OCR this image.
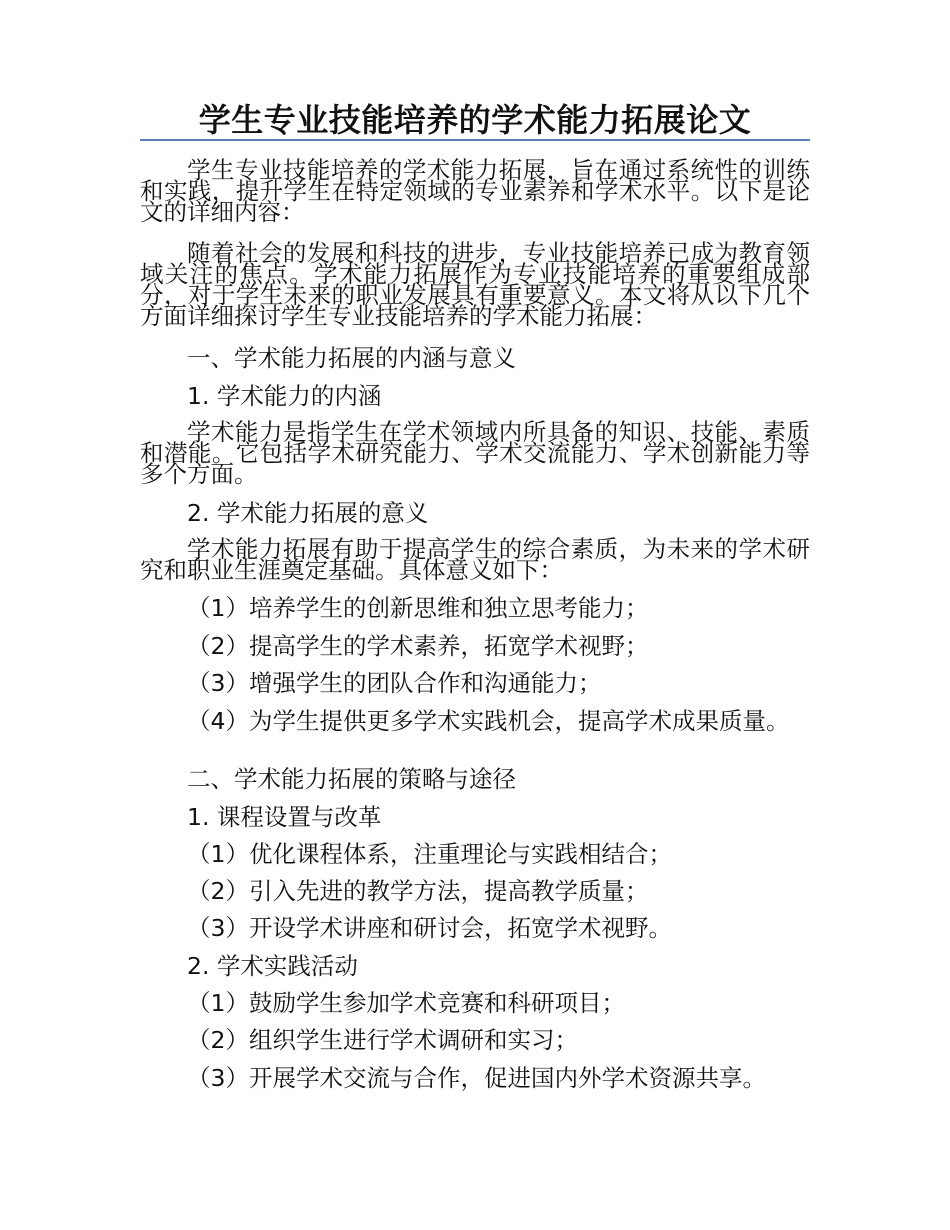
学生专业技能培养的学术能力拓展论文

学生专业技能培养的学术能力拓展，旨在通过系统性的训练和实践，提升学生在特定领域的专业素养和学术水平。以下是论文的详细内容：

随着社会的发展和科技的进步，专业技能培养已成为教育领域关注的焦点。学术能力拓展作为专业技能培养的重要组成部分，对于学生未来的职业发展具有重要意义。本文将从以下几个方面详细探讨学生专业技能培养的学术能力拓展：

一、学术能力拓展的内涵与意义
1. 学术能力的内涵

学术能力是指学生在学术领域内所具备的知识、技能、素质和潜能。它包括学术研究能力、学术交流能力、学术创新能力等多个方面。

2. 学术能力拓展的意义

学术能力拓展有助于提高学生的综合素质，为未来的学术研究和职业生涯奠定基础。具体意义如下：

（1）培养学生的创新思维和独立思考能力；
（2）提高学生的学术素养，拓宽学术视野；
（3）增强学生的团队合作和沟通能力；

（4）为学生提供更多学术实践机会，提高学术成果质量。

二、学术能力拓展的策略与途径
1. 课程设置与改革
（1）优化课程体系，注重理论与实践相结合；
（2）引入先进的教学方法，提高教学质量；
（3）开设学术讲座和研讨会，拓宽学术视野。
2. 学术实践活动
（1）鼓励学生参加学术竞赛和科研项目；
（2）组织学生进行学术调研和实习；
（3）开展学术交流与合作，促进国内外学术资源共享。
